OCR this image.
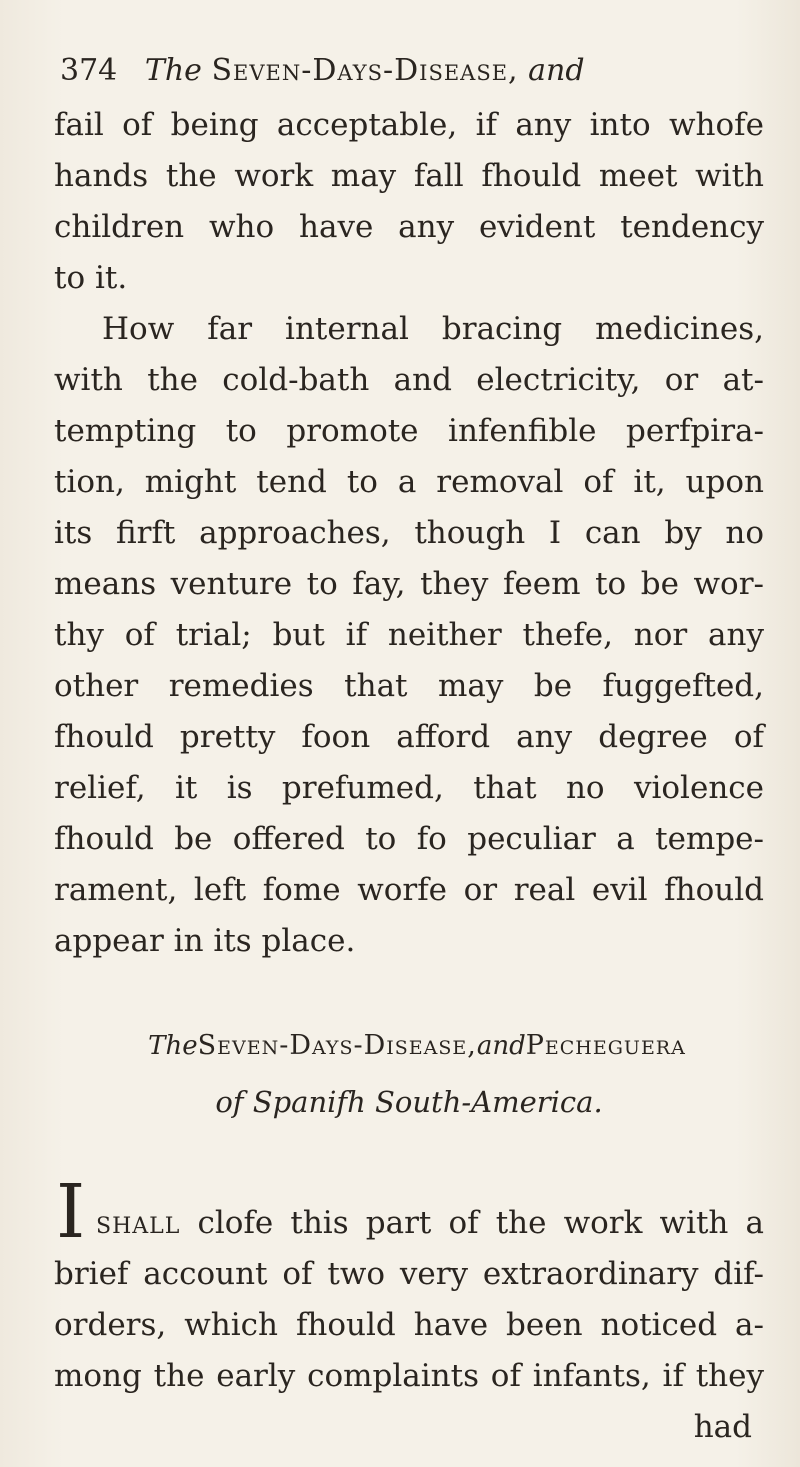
374 The Seven-Days-Disease, and
fail of being acceptable, if any into whofe
hands the work may fall fhould meet with
children who have any evident tendency
to it.
How far internal bracing medicines,
with the cold-bath and electricity, or at-
tempting to promote infenfible perfpira-
tion, might tend to a removal of it, upon
its firft approaches, though I can by no
means venture to fay, they feem to be wor-
thy of trial; but if neither thefe, nor any
other remedies that may be fuggefted,
fhould pretty foon afford any degree of
relief, it is prefumed, that no violence
fhould be offered to fo peculiar a tempe-
rament, left fome worfe or real evil fhould
appear in its place.
TheSeven-Days-Disease,andPecheguera
of Spanifh South-America.
I shall clofe this part of the work with a
brief account of two very extraordinary dif-
orders, which fhould have been noticed a-
mong the early complaints of infants, if they
had
